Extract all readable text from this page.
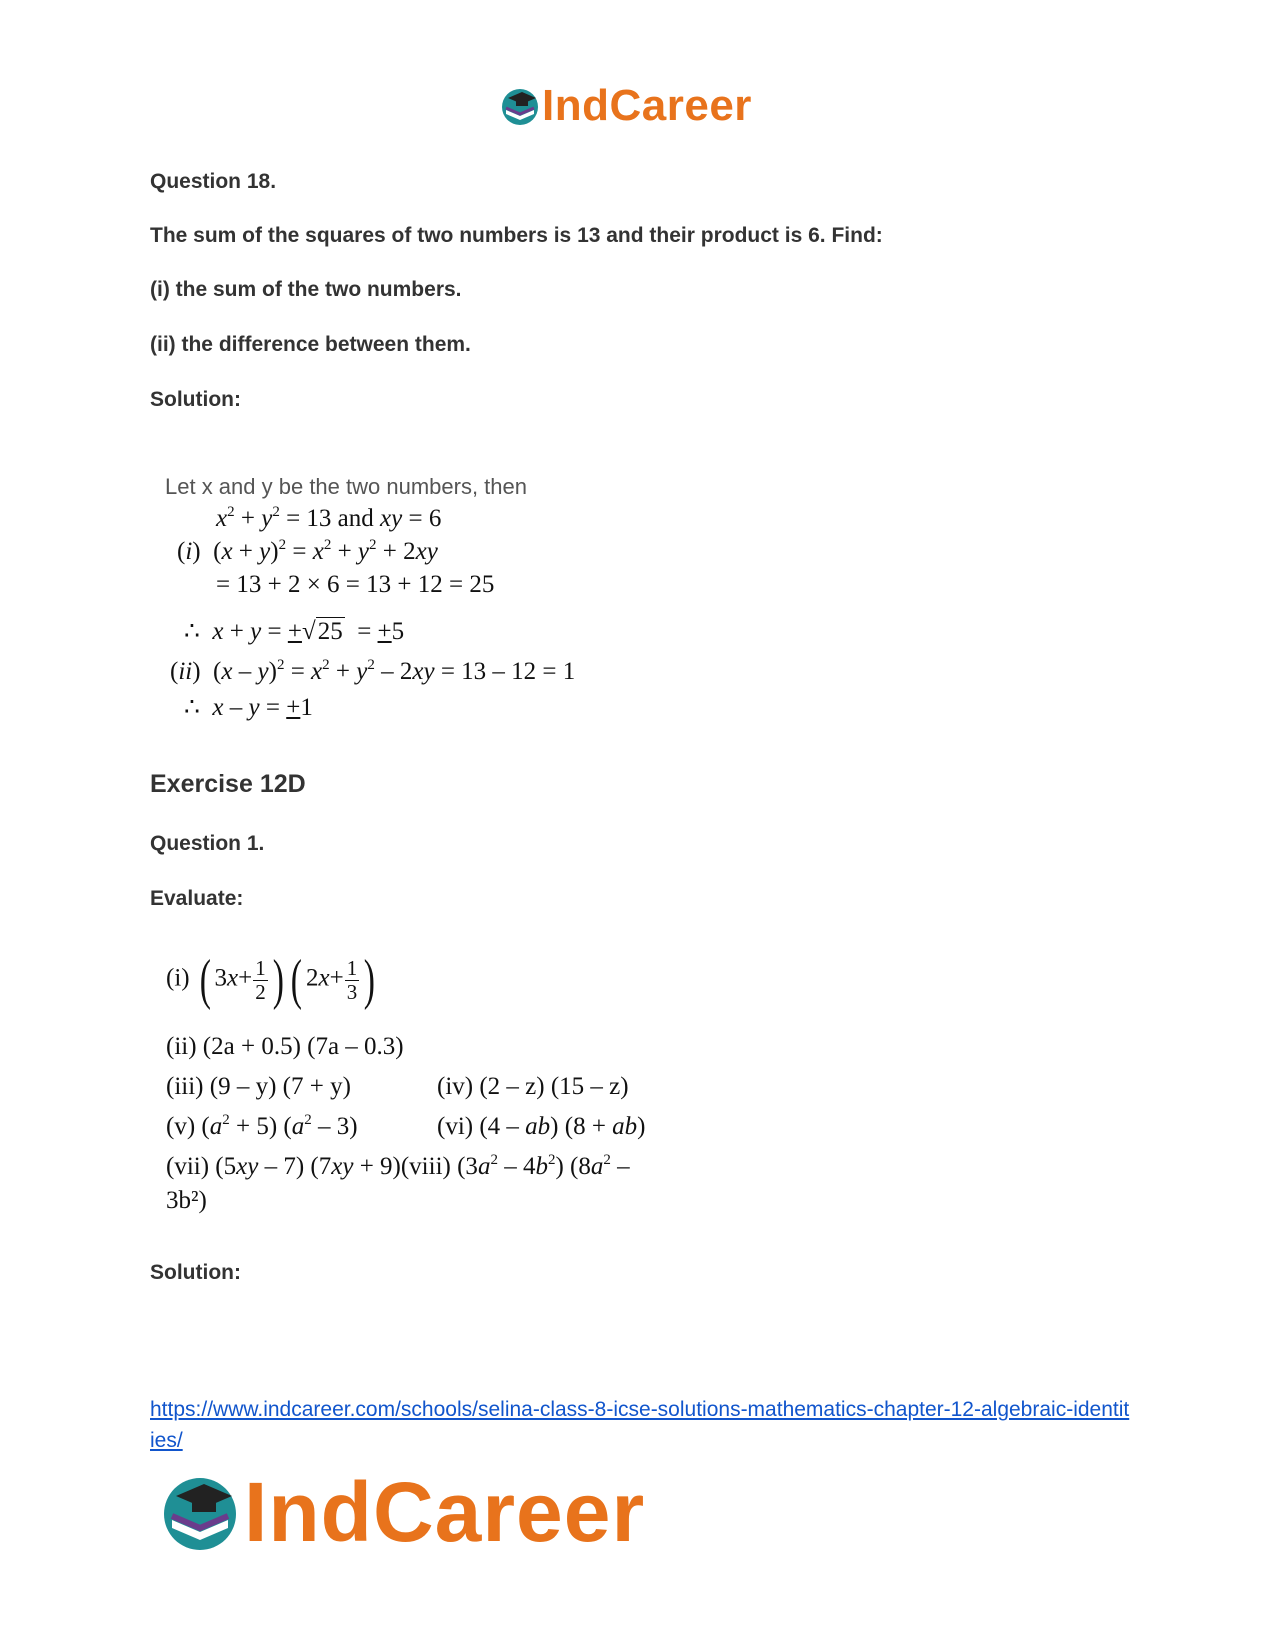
IndCareer
Question 18.
The sum of the squares of two numbers is 13 and their product is 6. Find:
(i) the sum of the two numbers.
(ii) the difference between them.
Solution:
Let x and y be the two numbers, then
$x^2 + y^2 = 13$ and xy = 6
(i)  $(x + y)^2 = x^2 + y^2 + 2xy$
= 13 + 2 × 6 = 13 + 12 = 25
∴  x + y = +√25  = +5
(ii)  $(x - y)^2 = x^2 + y^2 - 2xy = 13 - 12 = 1$
∴  x – y = +1
Exercise 12D
Question 1.
Evaluate:
(i) ( $3x+ \frac{1}{2}$ ) ( $2x+ \frac{1}{3}$ )
(ii) (2a + 0.5) (7a – 0.3)
(iii) (9 – y) (7 + y)	(iv) (2 – z) (15 – z)
(v) $(a^2 + 5)$ $(a^2 - 3)$	(vi) (4 – ab) (8 + ab)
(vii) (5xy – 7) (7xy + 9)(viii) $(3a^2 - 4b^2)$ ($8a^2$ –
3b²)
Solution:
https://www.indcareer.com/schools/selina-class-8-icse-solutions-mathematics-chapter-12-algebraic-identities/
IndCareer
